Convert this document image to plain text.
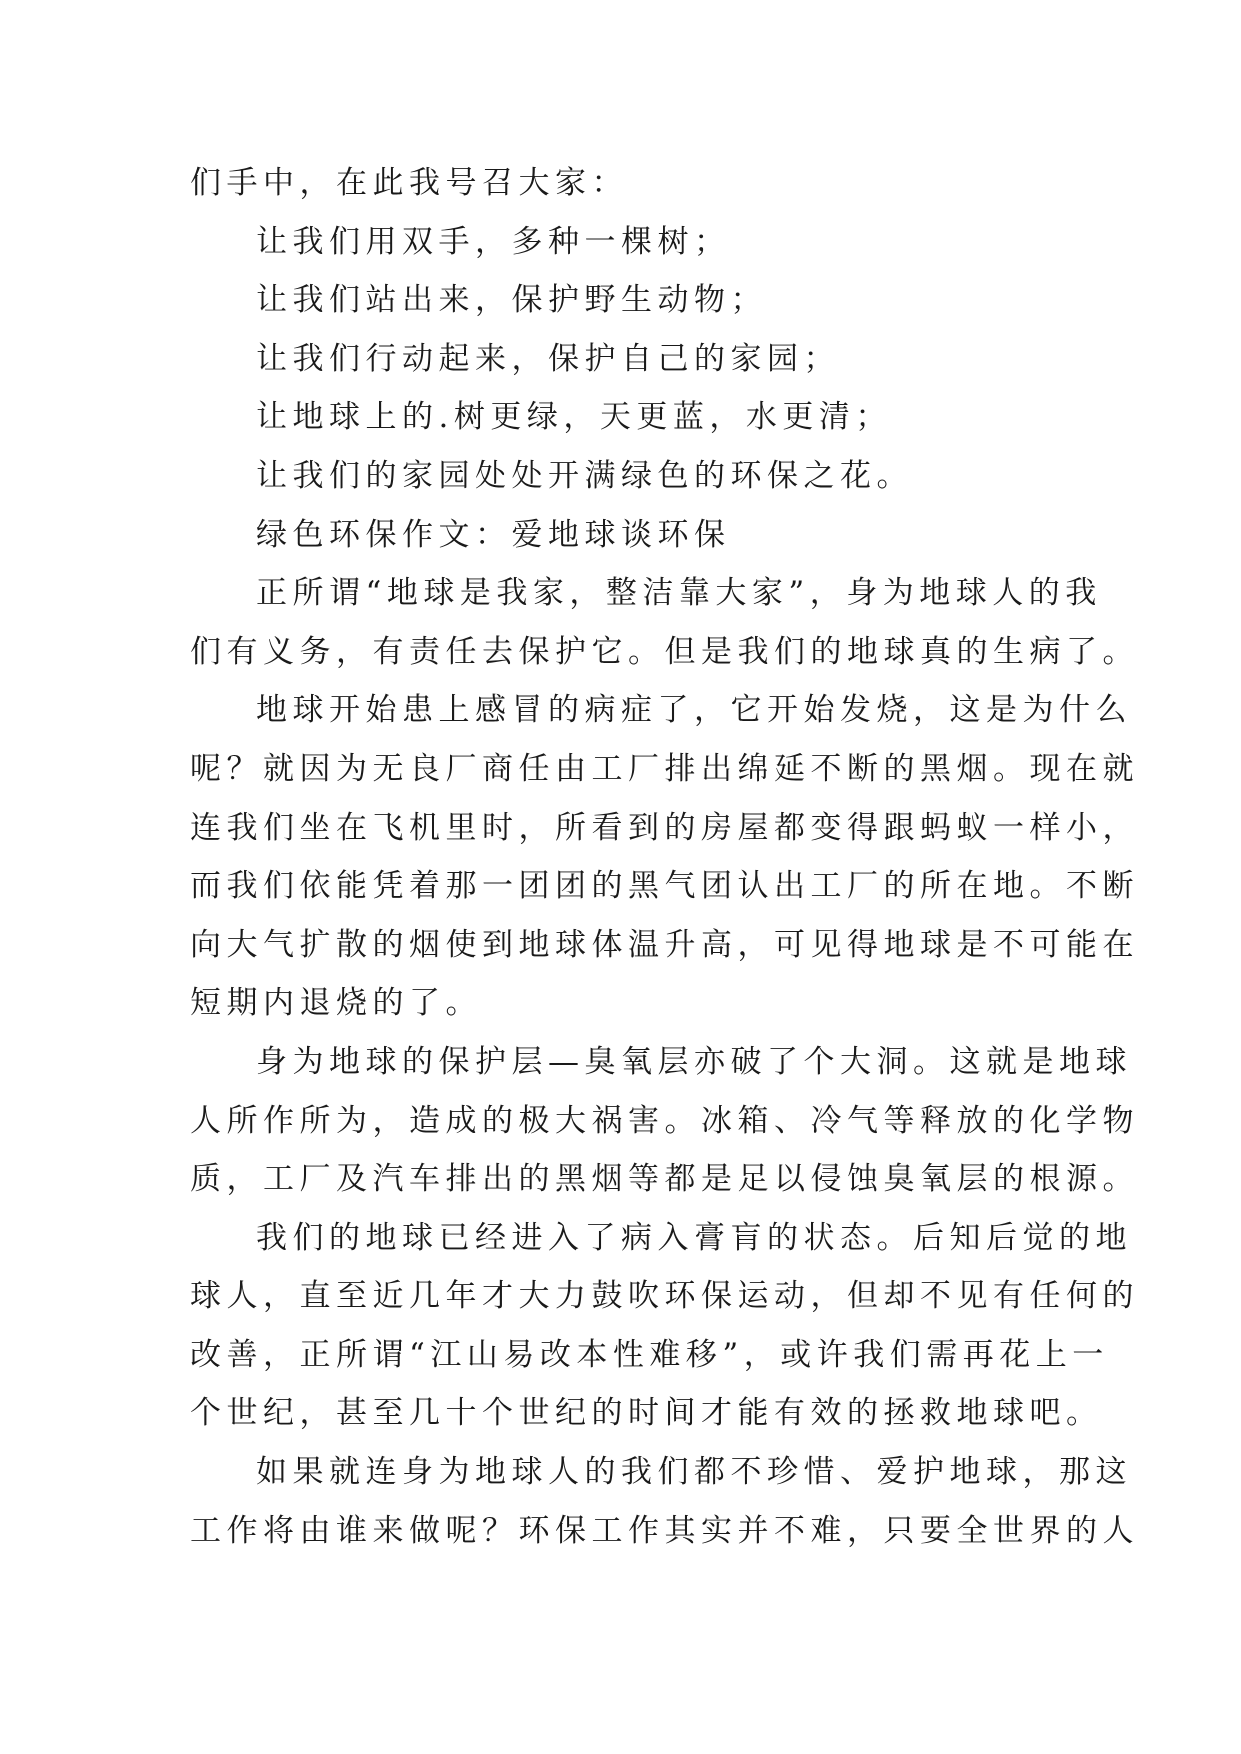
们手中，在此我号召大家：
让我们用双手，多种一棵树；
让我们站出来，保护野生动物；
让我们行动起来，保护自己的家园；
让地球上的.树更绿，天更蓝，水更清；
让我们的家园处处开满绿色的环保之花。
绿色环保作文：爱地球谈环保
正所谓“地球是我家，整洁靠大家”，身为地球人的我
们有义务，有责任去保护它。但是我们的地球真的生病了。
地球开始患上感冒的病症了，它开始发烧，这是为什么
呢？就因为无良厂商任由工厂排出绵延不断的黑烟。现在就
连我们坐在飞机里时，所看到的房屋都变得跟蚂蚁一样小，
而我们依能凭着那一团团的黑气团认出工厂的所在地。不断
向大气扩散的烟使到地球体温升高，可见得地球是不可能在
短期内退烧的了。
身为地球的保护层—臭氧层亦破了个大洞。这就是地球
人所作所为，造成的极大祸害。冰箱、冷气等释放的化学物
质，工厂及汽车排出的黑烟等都是足以侵蚀臭氧层的根源。
我们的地球已经进入了病入膏肓的状态。后知后觉的地
球人，直至近几年才大力鼓吹环保运动，但却不见有任何的
改善，正所谓“江山易改本性难移”，或许我们需再花上一
个世纪，甚至几十个世纪的时间才能有效的拯救地球吧。
如果就连身为地球人的我们都不珍惜、爱护地球，那这
工作将由谁来做呢？环保工作其实并不难，只要全世界的人
